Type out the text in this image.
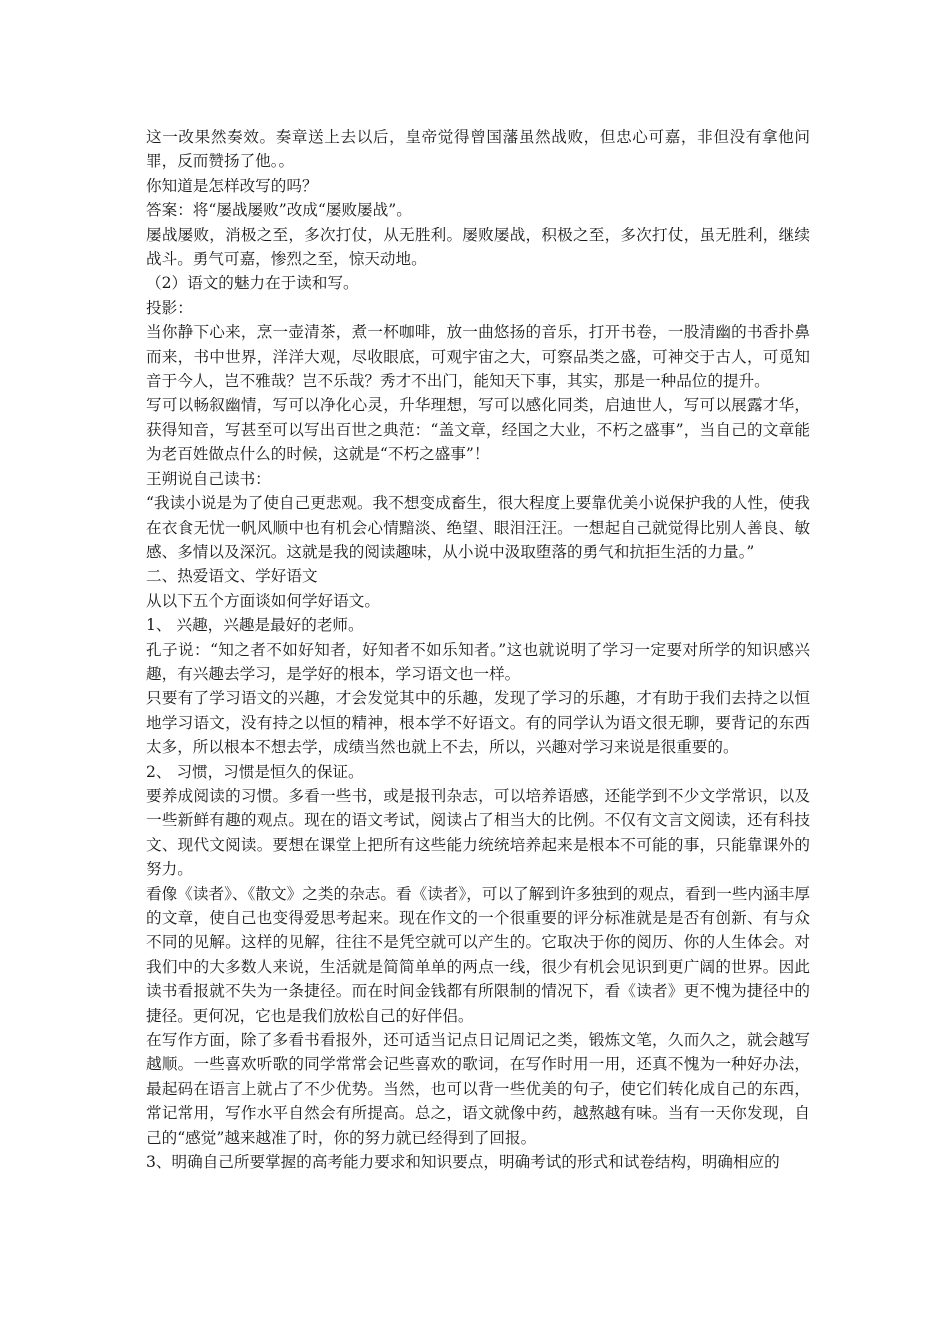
这一改果然奏效。奏章送上去以后，皇帝觉得曾国藩虽然战败，但忠心可嘉，非但没有拿他问罪，反而赞扬了他。。

你知道是怎样改写的吗？

答案：将“屡战屡败”改成“屡败屡战”。

屡战屡败，消极之至，多次打仗，从无胜利。屡败屡战，积极之至，多次打仗，虽无胜利，继续战斗。勇气可嘉，惨烈之至，惊天动地。

（2）语文的魅力在于读和写。

投影：

当你静下心来，烹一壶清茶，煮一杯咖啡，放一曲悠扬的音乐，打开书卷，一股清幽的书香扑鼻而来，书中世界，洋洋大观，尽收眼底，可观宇宙之大，可察品类之盛，可神交于古人，可觅知音于今人，岂不雅哉？岂不乐哉？秀才不出门，能知天下事，其实，那是一种品位的提升。

写可以畅叙幽情，写可以净化心灵，升华理想，写可以感化同类，启迪世人，写可以展露才华，获得知音，写甚至可以写出百世之典范：“盖文章，经国之大业，不朽之盛事”，当自己的文章能为老百姓做点什么的时候，这就是“不朽之盛事”！

王朔说自己读书：

“我读小说是为了使自己更悲观。我不想变成畜生，很大程度上要靠优美小说保护我的人性，使我在衣食无忧一帆风顺中也有机会心情黯淡、绝望、眼泪汪汪。一想起自己就觉得比别人善良、敏感、多情以及深沉。这就是我的阅读趣味，从小说中汲取堕落的勇气和抗拒生活的力量。”

二、热爱语文、学好语文

从以下五个方面谈如何学好语文。

1、 兴趣，兴趣是最好的老师。

孔子说：“知之者不如好知者，好知者不如乐知者。”这也就说明了学习一定要对所学的知识感兴趣，有兴趣去学习，是学好的根本，学习语文也一样。

只要有了学习语文的兴趣，才会发觉其中的乐趣，发现了学习的乐趣，才有助于我们去持之以恒地学习语文，没有持之以恒的精神，根本学不好语文。有的同学认为语文很无聊，要背记的东西太多，所以根本不想去学，成绩当然也就上不去，所以，兴趣对学习来说是很重要的。

2、 习惯，习惯是恒久的保证。

要养成阅读的习惯。多看一些书，或是报刊杂志，可以培养语感，还能学到不少文学常识，以及一些新鲜有趣的观点。现在的语文考试，阅读占了相当大的比例。不仅有文言文阅读，还有科技文、现代文阅读。要想在课堂上把所有这些能力统统培养起来是根本不可能的事，只能靠课外的努力。

看像《读者》、《散文》之类的杂志。看《读者》，可以了解到许多独到的观点，看到一些内涵丰厚的文章，使自己也变得爱思考起来。现在作文的一个很重要的评分标准就是是否有创新、有与众不同的见解。这样的见解，往往不是凭空就可以产生的。它取决于你的阅历、你的人生体会。对我们中的大多数人来说，生活就是简简单单的两点一线，很少有机会见识到更广阔的世界。因此读书看报就不失为一条捷径。而在时间金钱都有所限制的情况下，看《读者》更不愧为捷径中的捷径。更何况，它也是我们放松自己的好伴侣。

在写作方面，除了多看书看报外，还可适当记点日记周记之类，锻炼文笔，久而久之，就会越写越顺。一些喜欢听歌的同学常常会记些喜欢的歌词，在写作时用一用，还真不愧为一种好办法，最起码在语言上就占了不少优势。当然，也可以背一些优美的句子，使它们转化成自己的东西，常记常用，写作水平自然会有所提高。总之，语文就像中药，越熬越有味。当有一天你发现，自己的“感觉”越来越准了时，你的努力就已经得到了回报。

3、明确自己所要掌握的高考能力要求和知识要点，明确考试的形式和试卷结构，明确相应的
